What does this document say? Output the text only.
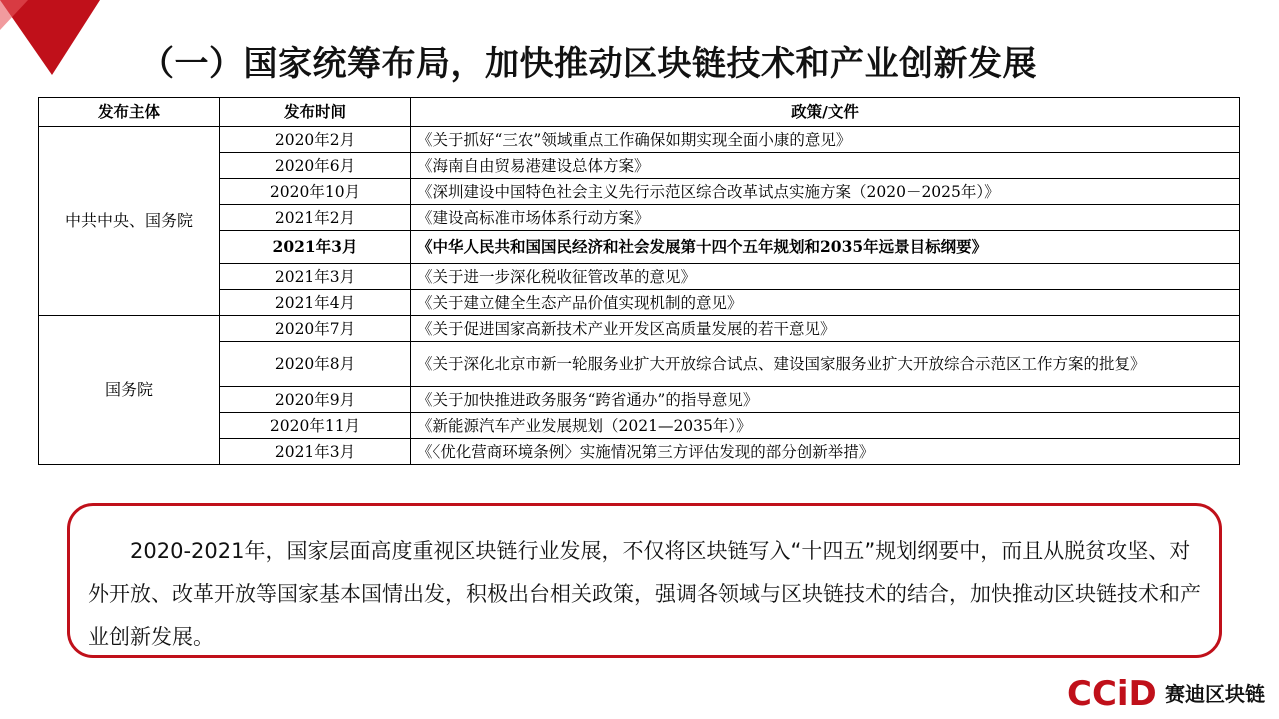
（一）国家统筹布局，加快推动区块链技术和产业创新发展
发布主体	发布时间	政策/文件
中共中央、国务院	2020年2月	《关于抓好“三农”领域重点工作确保如期实现全面小康的意见》
	2020年6月	《海南自由贸易港建设总体方案》
	2020年10月	《深圳建设中国特色社会主义先行示范区综合改革试点实施方案（2020－2025年）》
	2021年2月	《建设高标准市场体系行动方案》
	2021年3月	《中华人民共和国国民经济和社会发展第十四个五年规划和2035年远景目标纲要》
	2021年3月	《关于进一步深化税收征管改革的意见》
	2021年4月	《关于建立健全生态产品价值实现机制的意见》
国务院	2020年7月	《关于促进国家高新技术产业开发区高质量发展的若干意见》
	2020年8月	《关于深化北京市新一轮服务业扩大开放综合试点、建设国家服务业扩大开放综合示范区工作方案的批复》
	2020年9月	《关于加快推进政务服务“跨省通办”的指导意见》
	2020年11月	《新能源汽车产业发展规划（2021—2035年）》
	2021年3月	《〈优化营商环境条例〉实施情况第三方评估发现的部分创新举措》

2020-2021年，国家层面高度重视区块链行业发展，不仅将区块链写入“十四五”规划纲要中，而且从脱贫攻坚、对外开放、改革开放等国家基本国情出发，积极出台相关政策，强调各领域与区块链技术的结合，加快推动区块链技术和产业创新发展。

CCiD 赛迪区块链
